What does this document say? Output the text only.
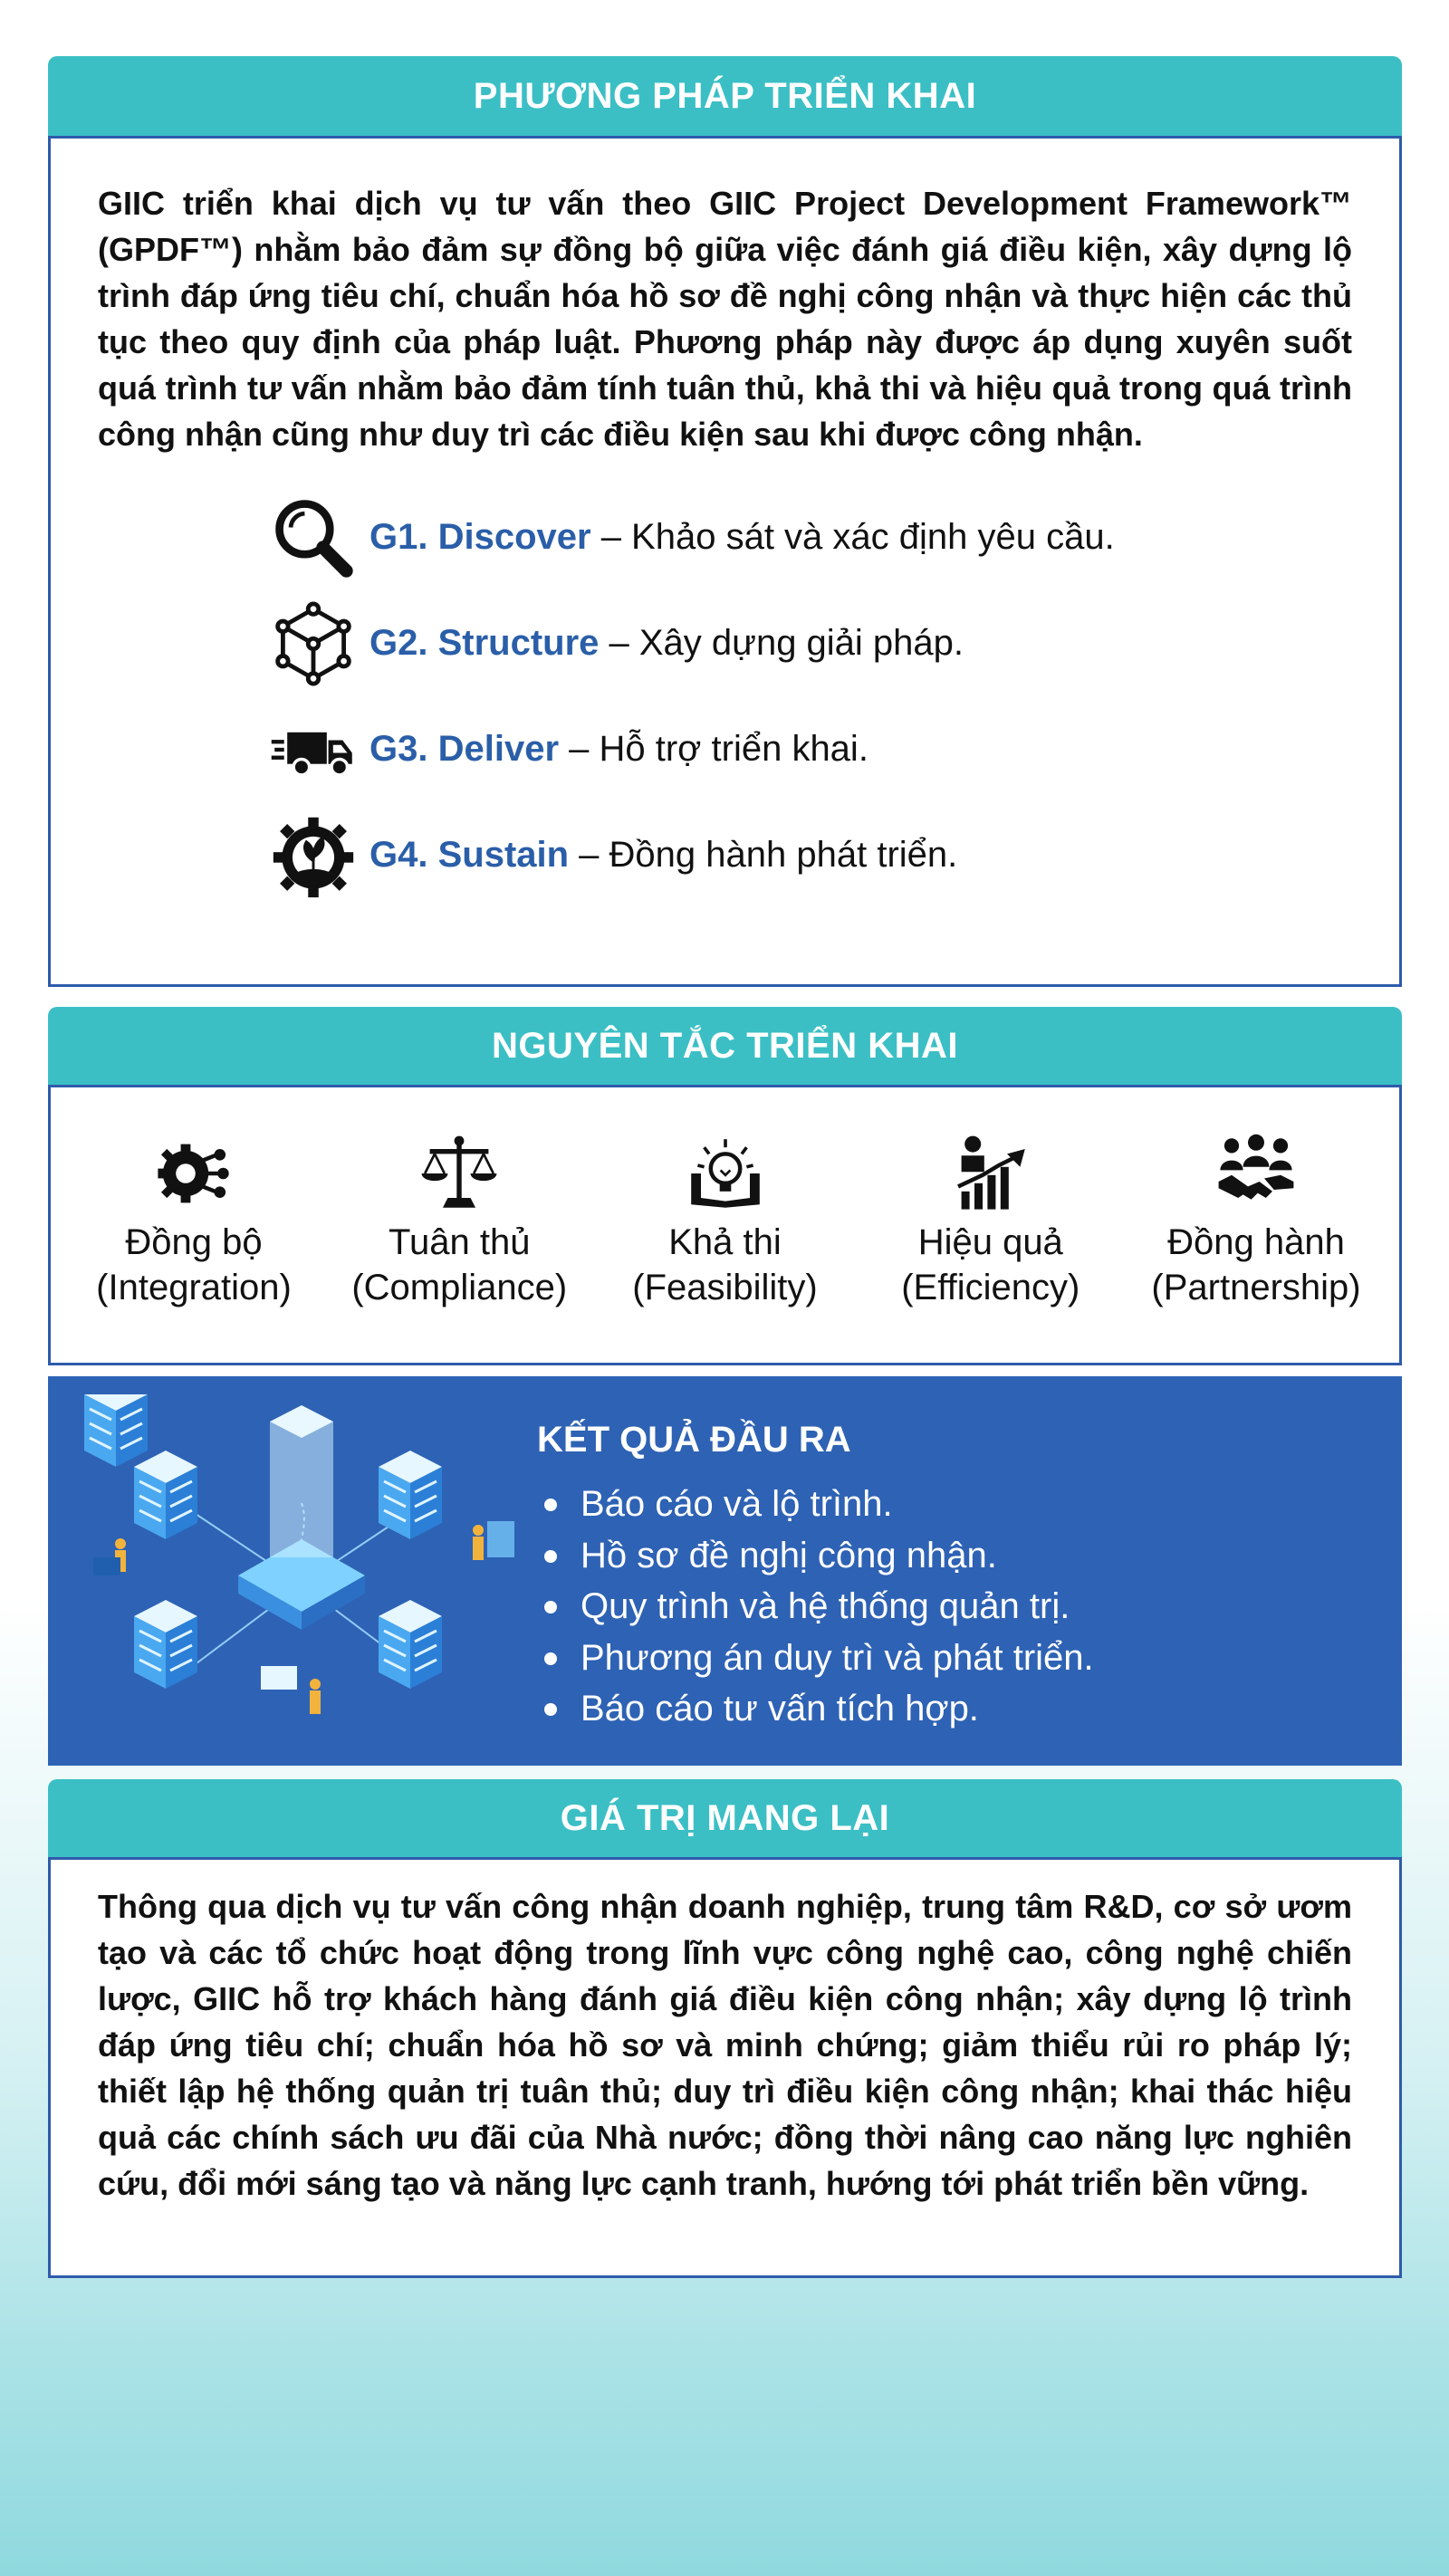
PHƯƠNG PHÁP TRIỂN KHAI

GIIC triển khai dịch vụ tư vấn theo GIIC Project Development Framework™ (GPDF™) nhằm bảo đảm sự đồng bộ giữa việc đánh giá điều kiện, xây dựng lộ trình đáp ứng tiêu chí, chuẩn hóa hồ sơ đề nghị công nhận và thực hiện các thủ tục theo quy định của pháp luật. Phương pháp này được áp dụng xuyên suốt quá trình tư vấn nhằm bảo đảm tính tuân thủ, khả thi và hiệu quả trong quá trình công nhận cũng như duy trì các điều kiện sau khi được công nhận.

G1. Discover – Khảo sát và xác định yêu cầu.
G2. Structure – Xây dựng giải pháp.
G3. Deliver – Hỗ trợ triển khai.
G4. Sustain – Đồng hành phát triển.
NGUYÊN TẮC TRIỂN KHAI
Đồng bộ
(Integration)
Tuân thủ
(Compliance)
Khả thi
(Feasibility)
Hiệu quả
(Efficiency)
Đồng hành
(Partnership)
KẾT QUẢ ĐẦU RA
Báo cáo và lộ trình.
Hồ sơ đề nghị công nhận.
Quy trình và hệ thống quản trị.
Phương án duy trì và phát triển.
Báo cáo tư vấn tích hợp.
GIÁ TRỊ MANG LẠI

Thông qua dịch vụ tư vấn công nhận doanh nghiệp, trung tâm R&D, cơ sở ươm tạo và các tổ chức hoạt động trong lĩnh vực công nghệ cao, công nghệ chiến lược, GIIC hỗ trợ khách hàng đánh giá điều kiện công nhận; xây dựng lộ trình đáp ứng tiêu chí; chuẩn hóa hồ sơ và minh chứng; giảm thiểu rủi ro pháp lý; thiết lập hệ thống quản trị tuân thủ; duy trì điều kiện công nhận; khai thác hiệu quả các chính sách ưu đãi của Nhà nước; đồng thời nâng cao năng lực nghiên cứu, đổi mới sáng tạo và năng lực cạnh tranh, hướng tới phát triển bền vững.
